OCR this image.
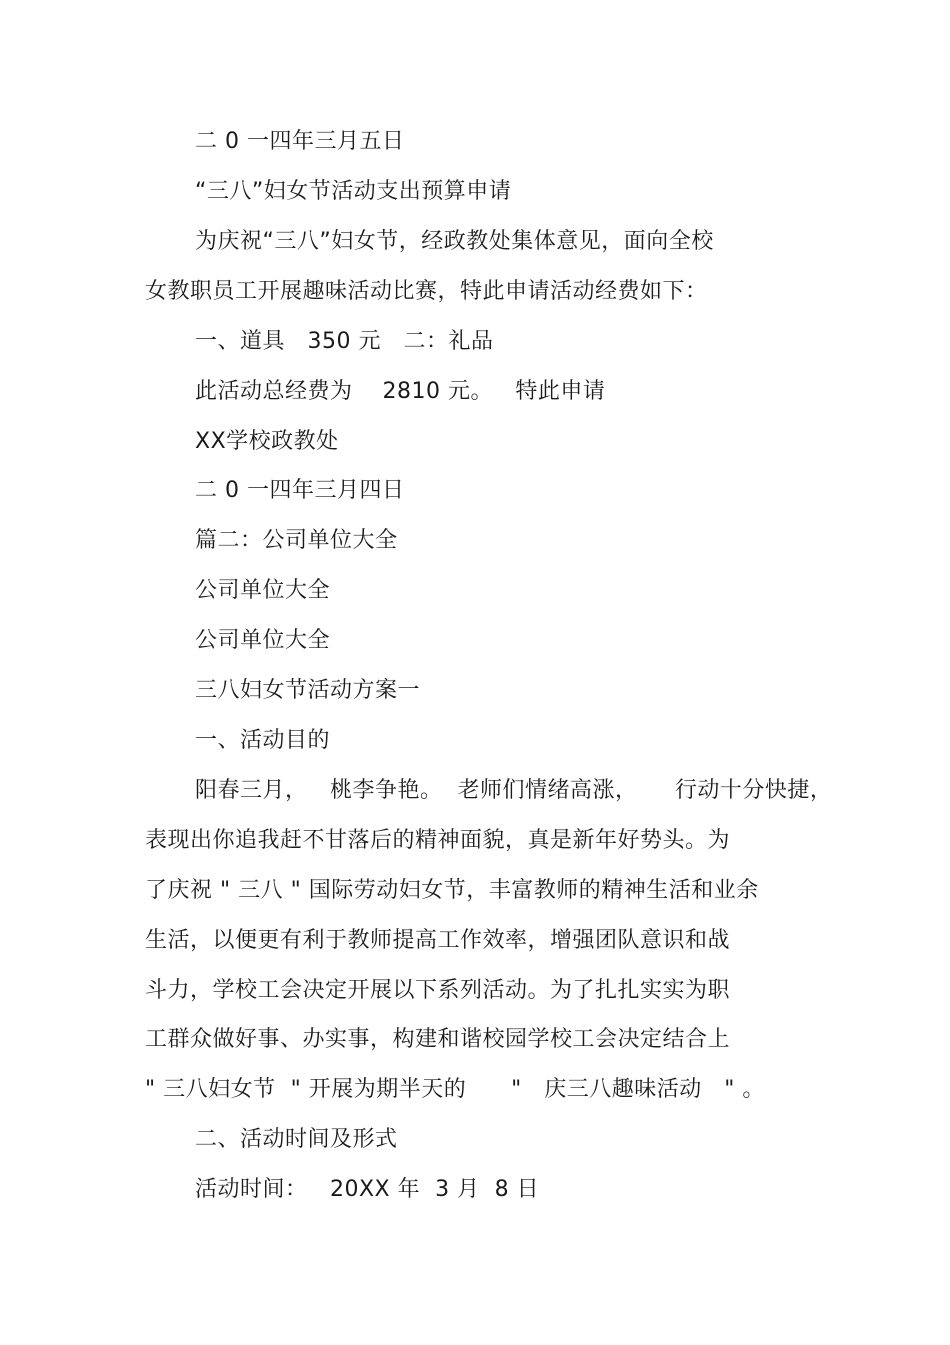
二 0 一四年三月五日
“三八”妇女节活动支出预算申请
为庆祝“三八”妇女节，经政教处集体意见，面向全校
女教职员工开展趣味活动比赛，特此申请活动经费如下：
一、道具   350 元   二：礼品
此活动总经费为    2810 元。   特此申请
XX学校政教处
二 0 一四年三月四日
篇二：公司单位大全
公司单位大全
公司单位大全
三八妇女节活动方案一
一、活动目的
阳春三月，   桃李争艳。  老师们情绪高涨，     行动十分快捷，
表现出你追我赶不甘落后的精神面貌，真是新年好势头。为
了庆祝 " 三八 " 国际劳动妇女节，丰富教师的精神生活和业余
生活，以便更有利于教师提高工作效率，增强团队意识和战
斗力，学校工会决定开展以下系列活动。为了扎扎实实为职
工群众做好事、办实事，构建和谐校园学校工会决定结合上
" 三八妇女节  " 开展为期半天的      "   庆三八趣味活动   " 。
二、活动时间及形式
活动时间：   20XX 年  3 月  8 日
